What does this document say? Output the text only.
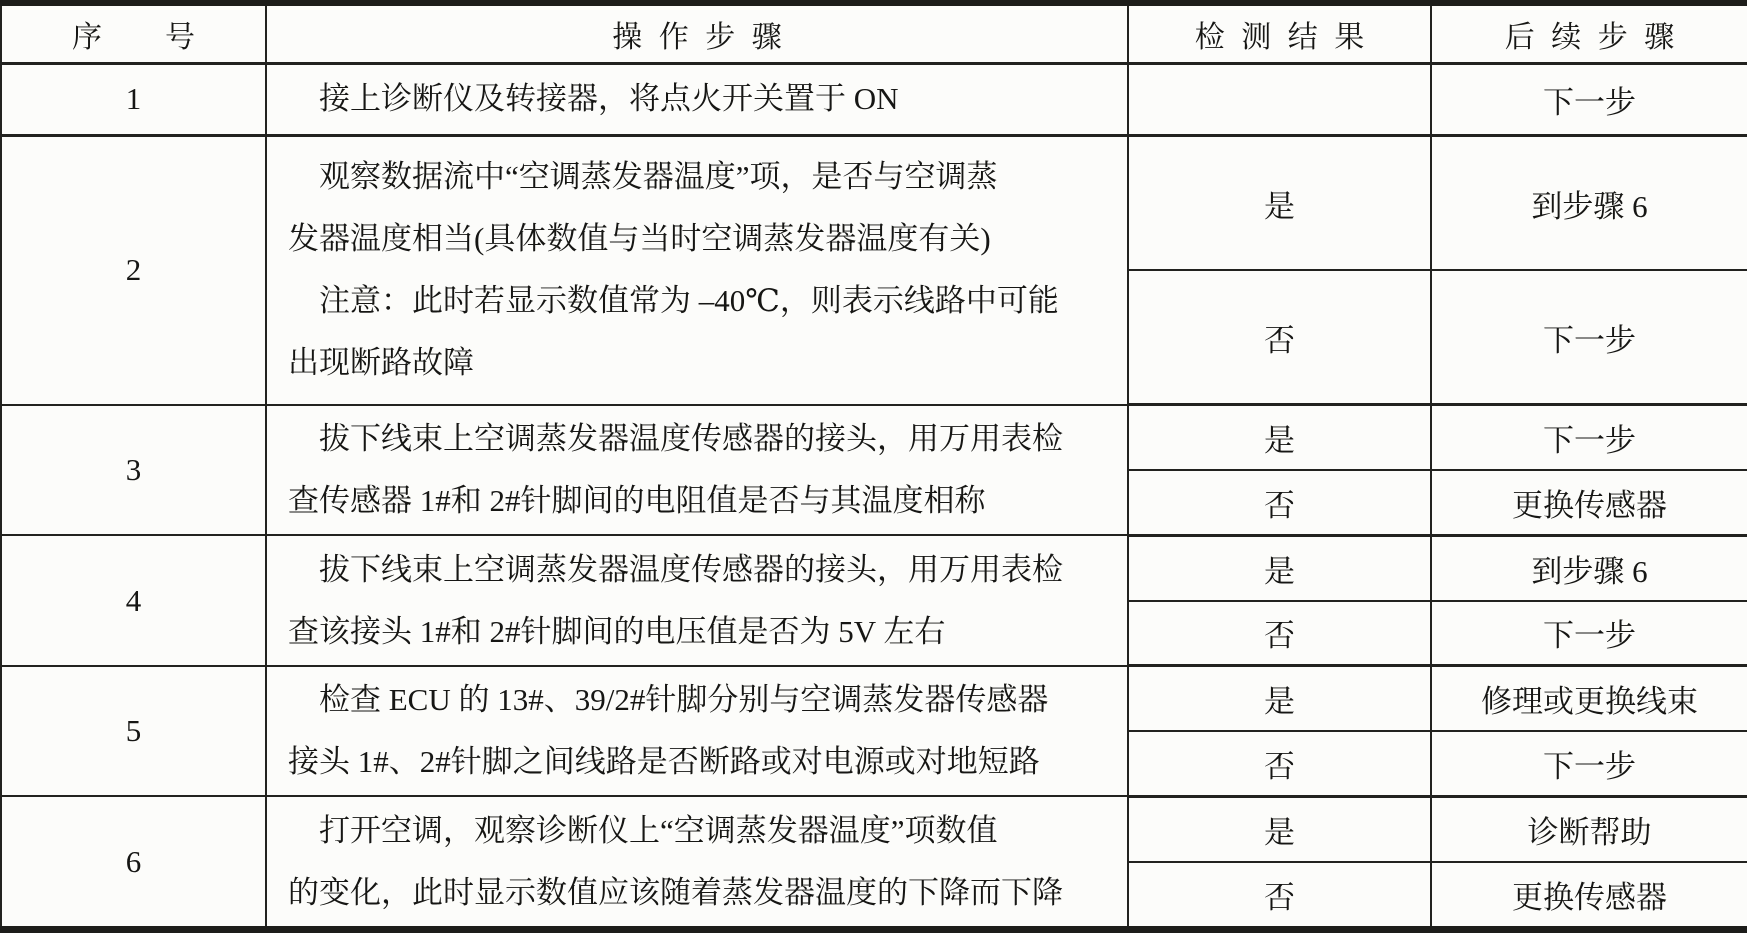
序　号	操作步骤	检测结果	后续步骤
1	接上诊断仪及转接器，将点火开关置于 ON		下一步
2	观察数据流中“空调蒸发器温度”项，是否与空调蒸
发器温度相当(具体数值与当时空调蒸发器温度有关)
注意：此时若显示数值常为 –40℃，则表示线路中可能
出现断路故障	是	到步骤 6
		否	下一步
3	拔下线束上空调蒸发器温度传感器的接头，用万用表检
查传感器 1#和 2#针脚间的电阻值是否与其温度相称	是	下一步
		否	更换传感器
4	拔下线束上空调蒸发器温度传感器的接头，用万用表检
查该接头 1#和 2#针脚间的电压值是否为 5V 左右	是	到步骤 6
		否	下一步
5	检查 ECU 的 13#、39/2#针脚分别与空调蒸发器传感器
接头 1#、2#针脚之间线路是否断路或对电源或对地短路	是	修理或更换线束
		否	下一步
6	打开空调，观察诊断仪上“空调蒸发器温度”项数值
的变化，此时显示数值应该随着蒸发器温度的下降而下降	是	诊断帮助
		否	更换传感器
